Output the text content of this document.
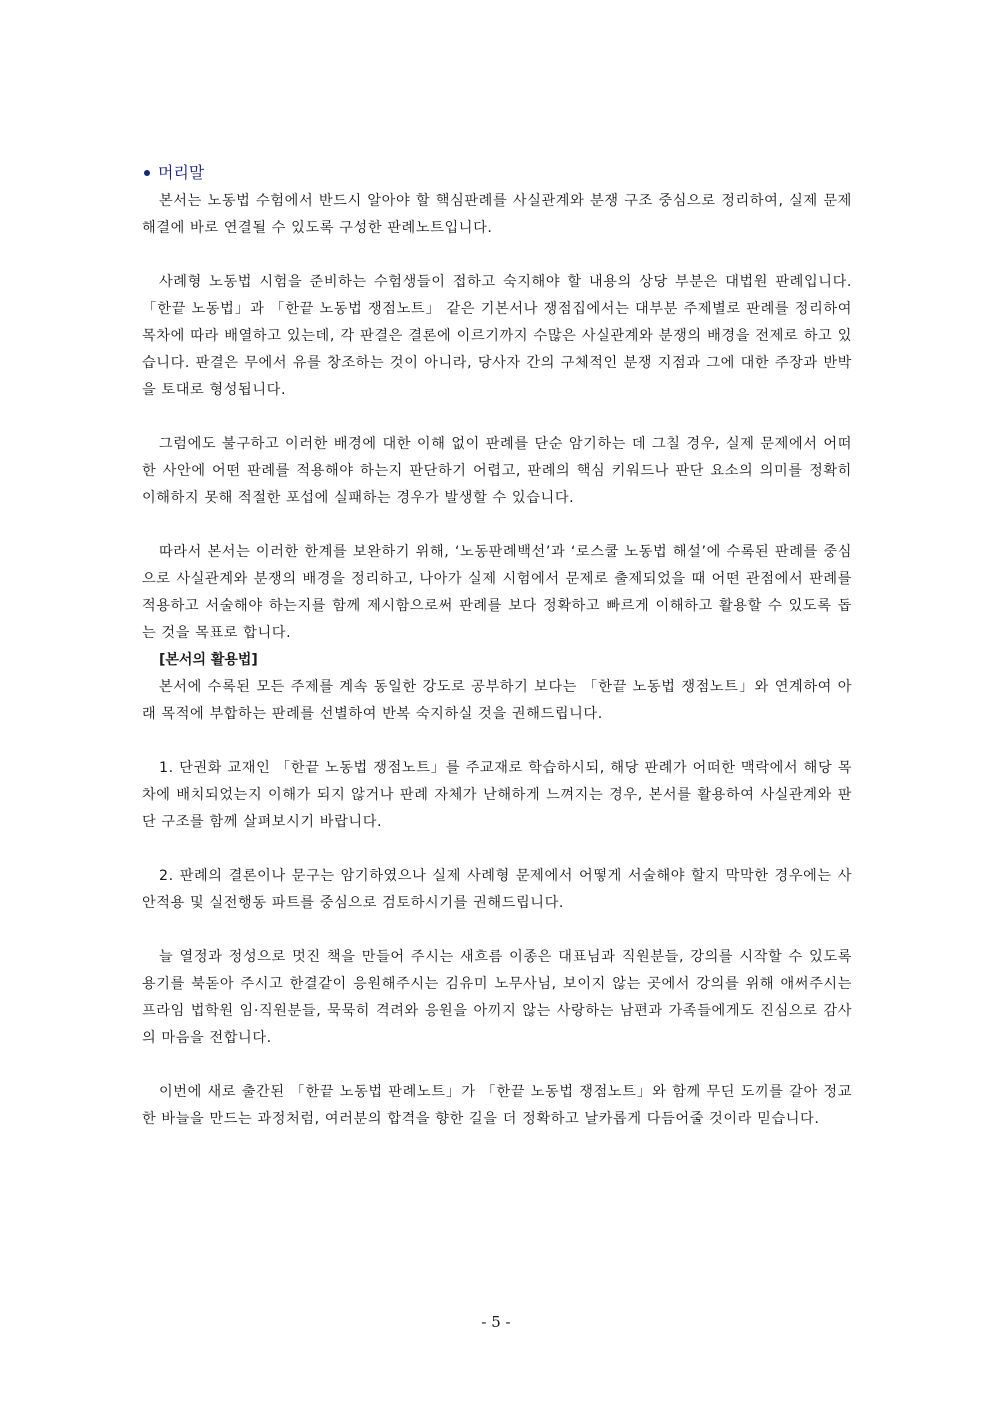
머리말

본서는 노동법 수험에서 반드시 알아야 할 핵심판례를 사실관계와 분쟁 구조 중심으로 정리하여, 실제 문제해결에 바로 연결될 수 있도록 구성한 판례노트입니다.

사례형 노동법 시험을 준비하는 수험생들이 접하고 숙지해야 할 내용의 상당 부분은 대법원 판례입니다. 「한끝 노동법」과 「한끝 노동법 쟁점노트」 같은 기본서나 쟁점집에서는 대부분 주제별로 판례를 정리하여 목차에 따라 배열하고 있는데, 각 판결은 결론에 이르기까지 수많은 사실관계와 분쟁의 배경을 전제로 하고 있습니다. 판결은 무에서 유를 창조하는 것이 아니라, 당사자 간의 구체적인 분쟁 지점과 그에 대한 주장과 반박을 토대로 형성됩니다.

그럼에도 불구하고 이러한 배경에 대한 이해 없이 판례를 단순 암기하는 데 그칠 경우, 실제 문제에서 어떠한 사안에 어떤 판례를 적용해야 하는지 판단하기 어렵고, 판례의 핵심 키워드나 판단 요소의 의미를 정확히 이해하지 못해 적절한 포섭에 실패하는 경우가 발생할 수 있습니다.

따라서 본서는 이러한 한계를 보완하기 위해, ‘노동판례백선’과 ‘로스쿨 노동법 해설’에 수록된 판례를 중심으로 사실관계와 분쟁의 배경을 정리하고, 나아가 실제 시험에서 문제로 출제되었을 때 어떤 관점에서 판례를 적용하고 서술해야 하는지를 함께 제시함으로써 판례를 보다 정확하고 빠르게 이해하고 활용할 수 있도록 돕는 것을 목표로 합니다.

[본서의 활용법]

본서에 수록된 모든 주제를 계속 동일한 강도로 공부하기 보다는 「한끝 노동법 쟁점노트」와 연계하여 아래 목적에 부합하는 판례를 선별하여 반복 숙지하실 것을 권해드립니다.

1. 단권화 교재인 「한끝 노동법 쟁점노트」를 주교재로 학습하시되, 해당 판례가 어떠한 맥락에서 해당 목차에 배치되었는지 이해가 되지 않거나 판례 자체가 난해하게 느껴지는 경우, 본서를 활용하여 사실관계와 판단 구조를 함께 살펴보시기 바랍니다.

2. 판례의 결론이나 문구는 암기하였으나 실제 사례형 문제에서 어떻게 서술해야 할지 막막한 경우에는 사안적용 및 실전행동 파트를 중심으로 검토하시기를 권해드립니다.

늘 열정과 정성으로 멋진 책을 만들어 주시는 새흐름 이종은 대표님과 직원분들, 강의를 시작할 수 있도록 용기를 북돋아 주시고 한결같이 응원해주시는 김유미 노무사님, 보이지 않는 곳에서 강의를 위해 애써주시는 프라임 법학원 임·직원분들, 묵묵히 격려와 응원을 아끼지 않는 사랑하는 남편과 가족들에게도 진심으로 감사의 마음을 전합니다.

이번에 새로 출간된 「한끝 노동법 판례노트」가 「한끝 노동법 쟁점노트」와 함께 무딘 도끼를 갈아 정교한 바늘을 만드는 과정처럼, 여러분의 합격을 향한 길을 더 정확하고 날카롭게 다듬어줄 것이라 믿습니다.

- 5 -
